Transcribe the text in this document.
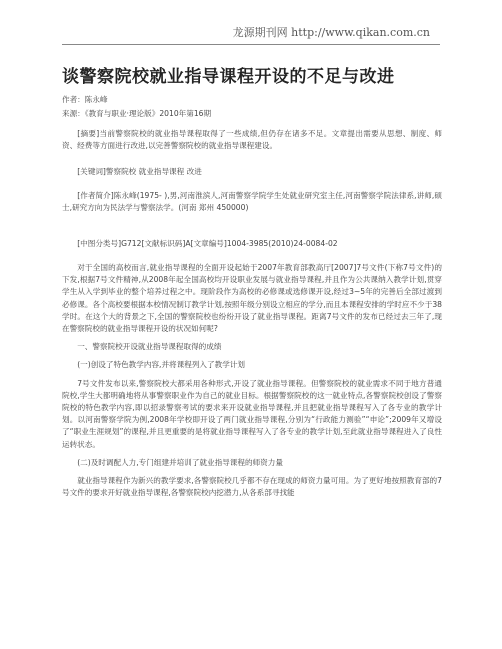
龙源期刊网 http://www.qikan.com.cn
谈警察院校就业指导课程开设的不足与改进
作者：陈永峰
来源：《教育与职业·理论版》2010年第16期

[摘要]当前警察院校的就业指导课程取得了一些成绩,但仍存在诸多不足。文章提出需要从思想、制度、师资、经费等方面进行改进,以完善警察院校的就业指导课程建设。

[关键词]警察院校 就业指导课程 改进

[作者简介]陈永峰(1975- ),男,河南淮滨人,河南警察学院学生处就业研究室主任,河南警察学院法律系,讲师,硕士,研究方向为民法学与警察法学。(河南 郑州 450000)

[中图分类号]G712[文献标识码]A[文章编号]1004-3985(2010)24-0084-02

对于全国的高校而言,就业指导课程的全面开设起始于2007年教育部教高厅[2007]7号文件(下称7号文件)的下发,根据7号文件精神,从2008年起全国高校均开设职业发展与就业指导课程,并且作为公共课纳入教学计划,贯穿学生从入学到毕业的整个培养过程之中。现阶段作为高校的必修课或选修课开设,经过3~5年的完善后全部过渡到必修课。各个高校要根据本校情况制订教学计划,按照年级分别设立相应的学分,而且本课程安排的学时应不少于38学时。在这个大的背景之下,全国的警察院校也纷纷开设了就业指导课程。距离7号文件的发布已经过去三年了,现在警察院校的就业指导课程开设的状况如何呢?

一、警察院校开设就业指导课程取得的成绩

(一)创设了特色教学内容,并将课程列入了教学计划

7号文件发布以来,警察院校大都采用各种形式,开设了就业指导课程。但警察院校的就业需求不同于地方普通院校,学生大都明确地将从事警察职业作为自己的就业目标。根据警察院校的这一就业特点,各警察院校创设了警察院校的特色教学内容,即以招录警察考试的要求来开设就业指导课程,并且把就业指导课程写入了各专业的教学计划。以河南警察学院为例,2008年学校即开设了两门就业指导课程,分别为“行政能力测验”“申论”;2009年又增设了“职业生涯规划”的课程,并且更重要的是将就业指导课程写入了各专业的教学计划,至此就业指导课程进入了良性运转状态。

(二)及时调配人力,专门组建并培训了就业指导课程的师资力量

就业指导课程作为新兴的教学要求,各警察院校几乎都不存在现成的师资力量可用。为了更好地按照教育部的7号文件的要求开好就业指导课程,各警察院校内挖潜力,从各系部寻找能
